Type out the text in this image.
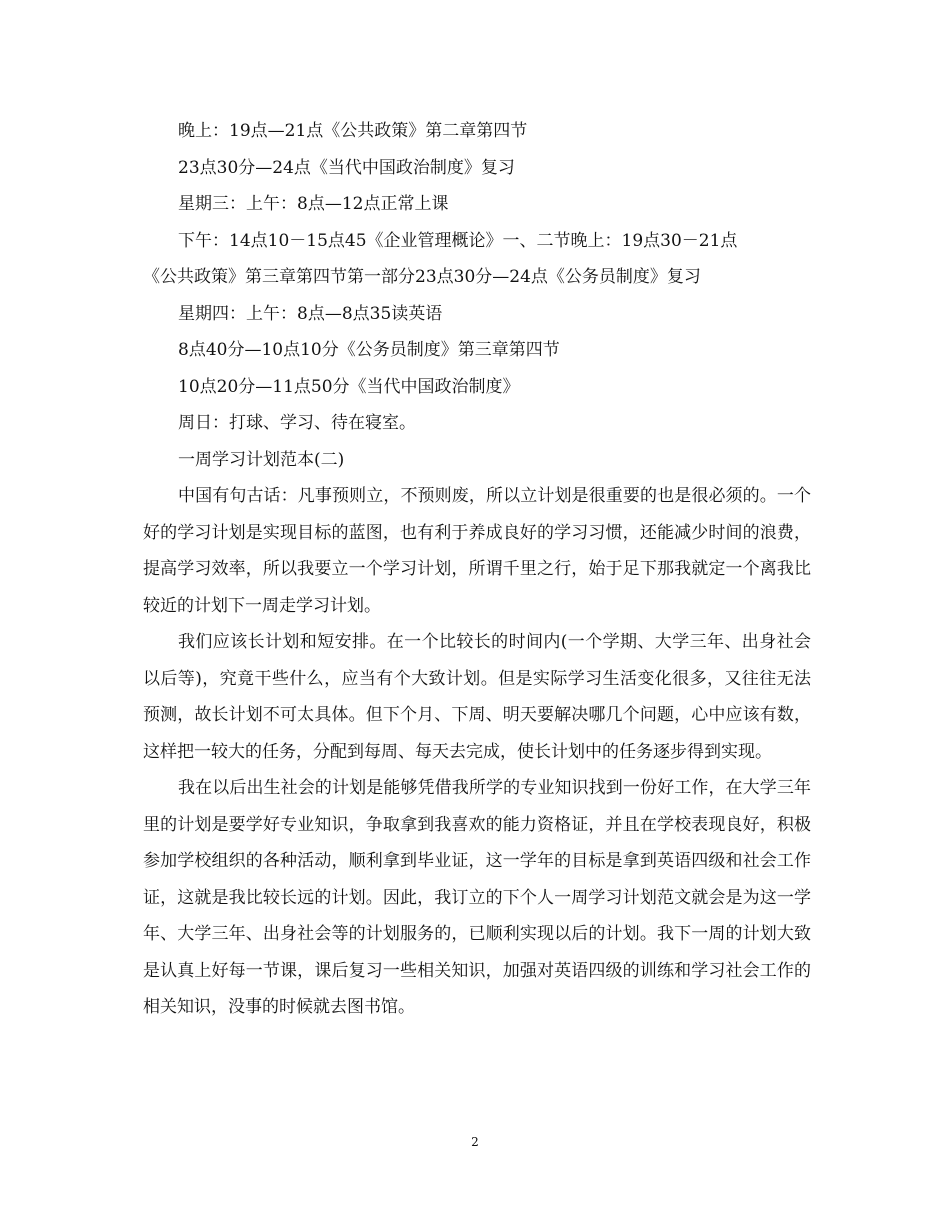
晚上：19点—21点《公共政策》第二章第四节
23点30分—24点《当代中国政治制度》复习
星期三：上午：8点—12点正常上课
下午：14点10－15点45《企业管理概论》一、二节晚上：19点30－21点
《公共政策》第三章第四节第一部分23点30分—24点《公务员制度》复习
星期四：上午：8点—8点35读英语
8点40分—10点10分《公务员制度》第三章第四节
10点20分—11点50分《当代中国政治制度》
周日：打球、学习、待在寝室。
一周学习计划范本(二)

中国有句古话：凡事预则立，不预则废，所以立计划是很重要的也是很必须的。一个好的学习计划是实现目标的蓝图，也有利于养成良好的学习习惯，还能减少时间的浪费，提高学习效率，所以我要立一个学习计划，所谓千里之行，始于足下那我就定一个离我比较近的计划下一周走学习计划。

我们应该长计划和短安排。在一个比较长的时间内(一个学期、大学三年、出身社会以后等)，究竟干些什么，应当有个大致计划。但是实际学习生活变化很多，又往往无法预测，故长计划不可太具体。但下个月、下周、明天要解决哪几个问题，心中应该有数，这样把一较大的任务，分配到每周、每天去完成，使长计划中的任务逐步得到实现。

我在以后出生社会的计划是能够凭借我所学的专业知识找到一份好工作，在大学三年里的计划是要学好专业知识，争取拿到我喜欢的能力资格证，并且在学校表现良好，积极参加学校组织的各种活动，顺利拿到毕业证，这一学年的目标是拿到英语四级和社会工作证，这就是我比较长远的计划。因此，我订立的下个人一周学习计划范文就会是为这一学年、大学三年、出身社会等的计划服务的，已顺利实现以后的计划。我下一周的计划大致是认真上好每一节课，课后复习一些相关知识，加强对英语四级的训练和学习社会工作的相关知识，没事的时候就去图书馆。

2
